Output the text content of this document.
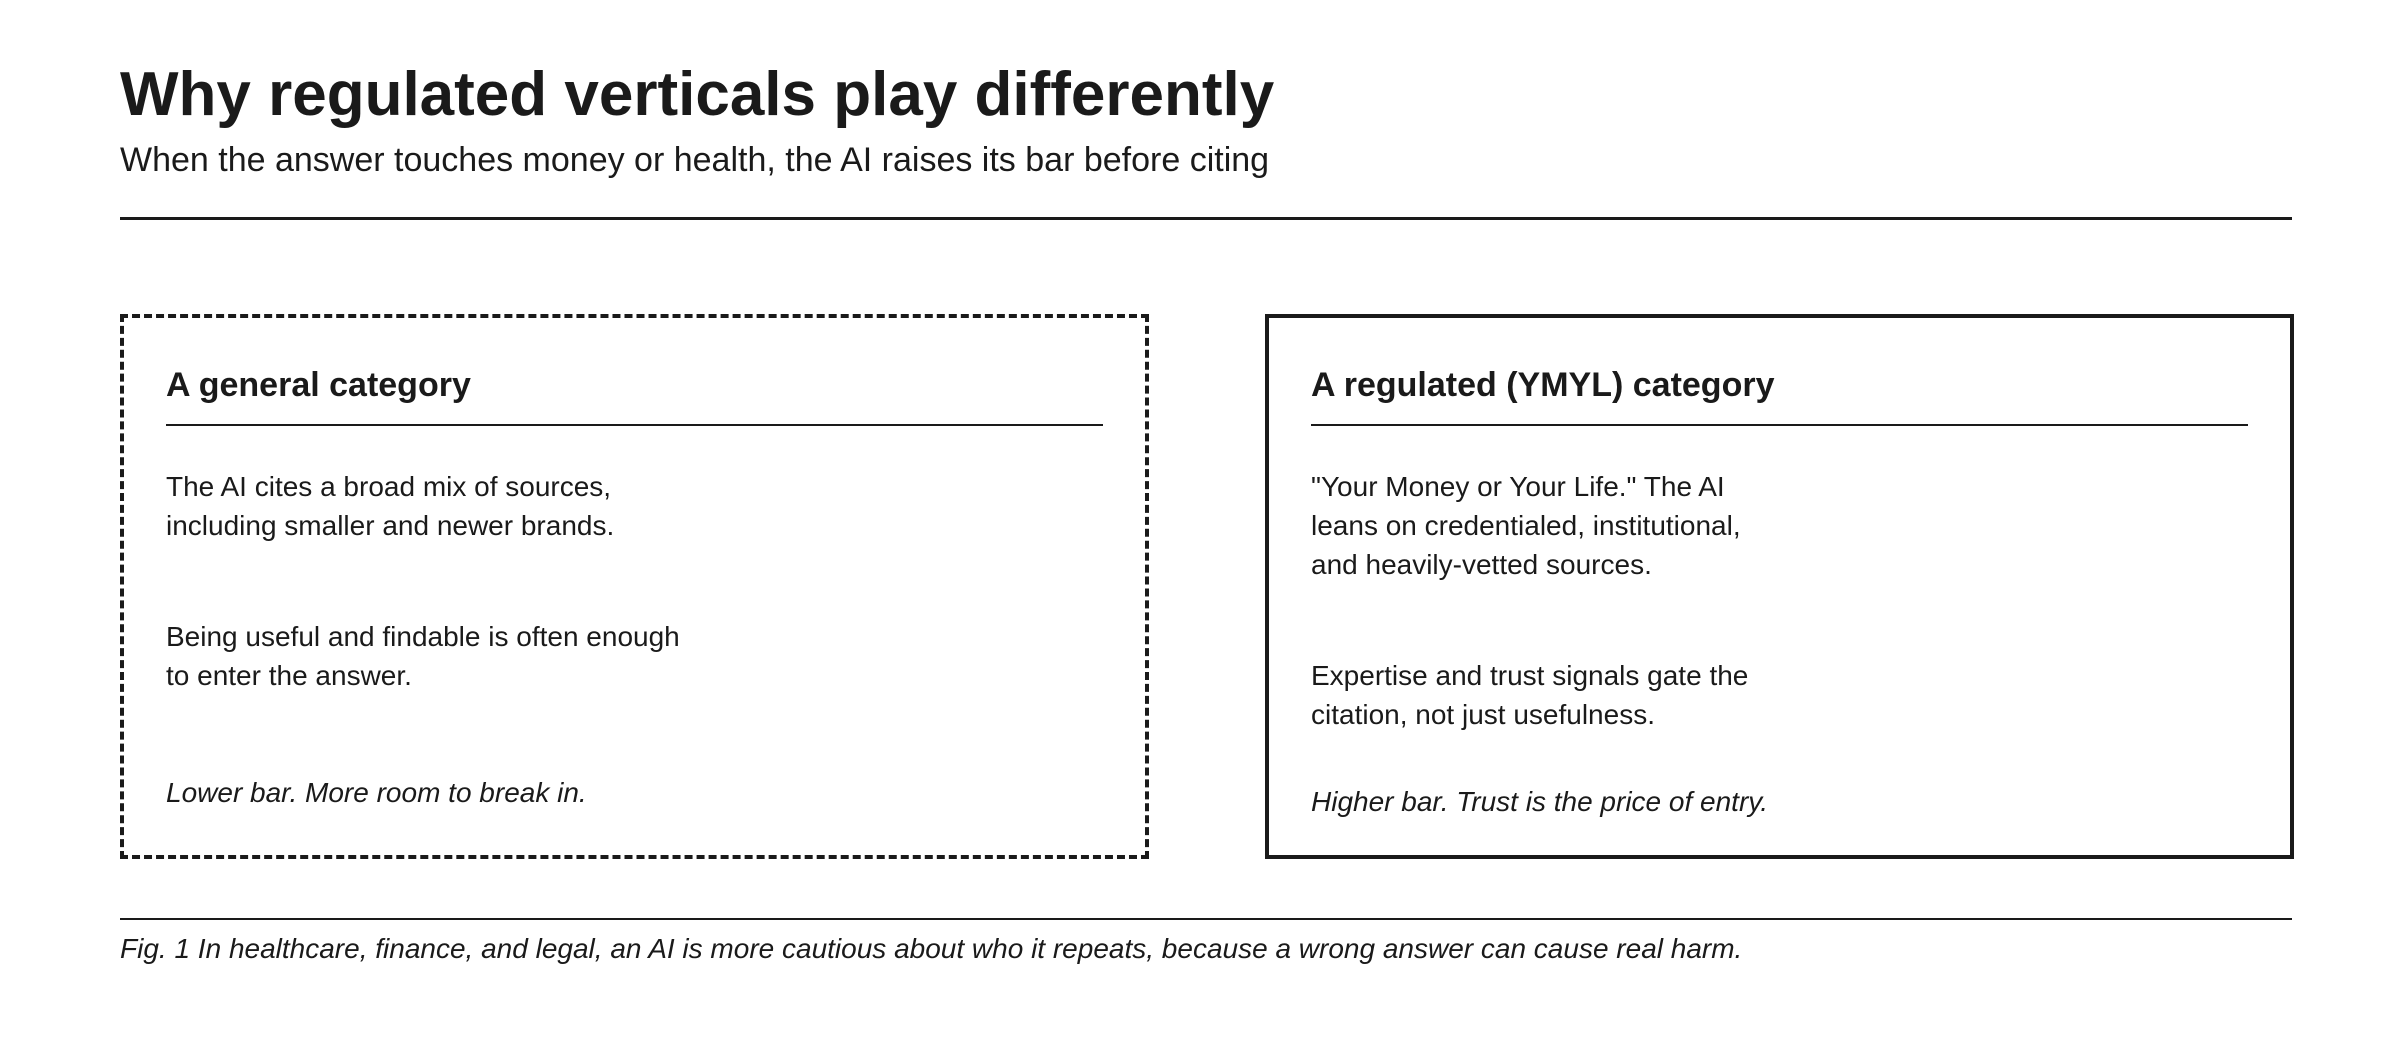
Why regulated verticals play differently

When the answer touches money or health, the AI raises its bar before citing

A general category

The AI cites a broad mix of sources, including smaller and newer brands.

Being useful and findable is often enough to enter the answer.

Lower bar. More room to break in.

A regulated (YMYL) category

"Your Money or Your Life." The AI leans on credentialed, institutional, and heavily-vetted sources.

Expertise and trust signals gate the citation, not just usefulness.

Higher bar. Trust is the price of entry.

Fig. 1 In healthcare, finance, and legal, an AI is more cautious about who it repeats, because a wrong answer can cause real harm.
